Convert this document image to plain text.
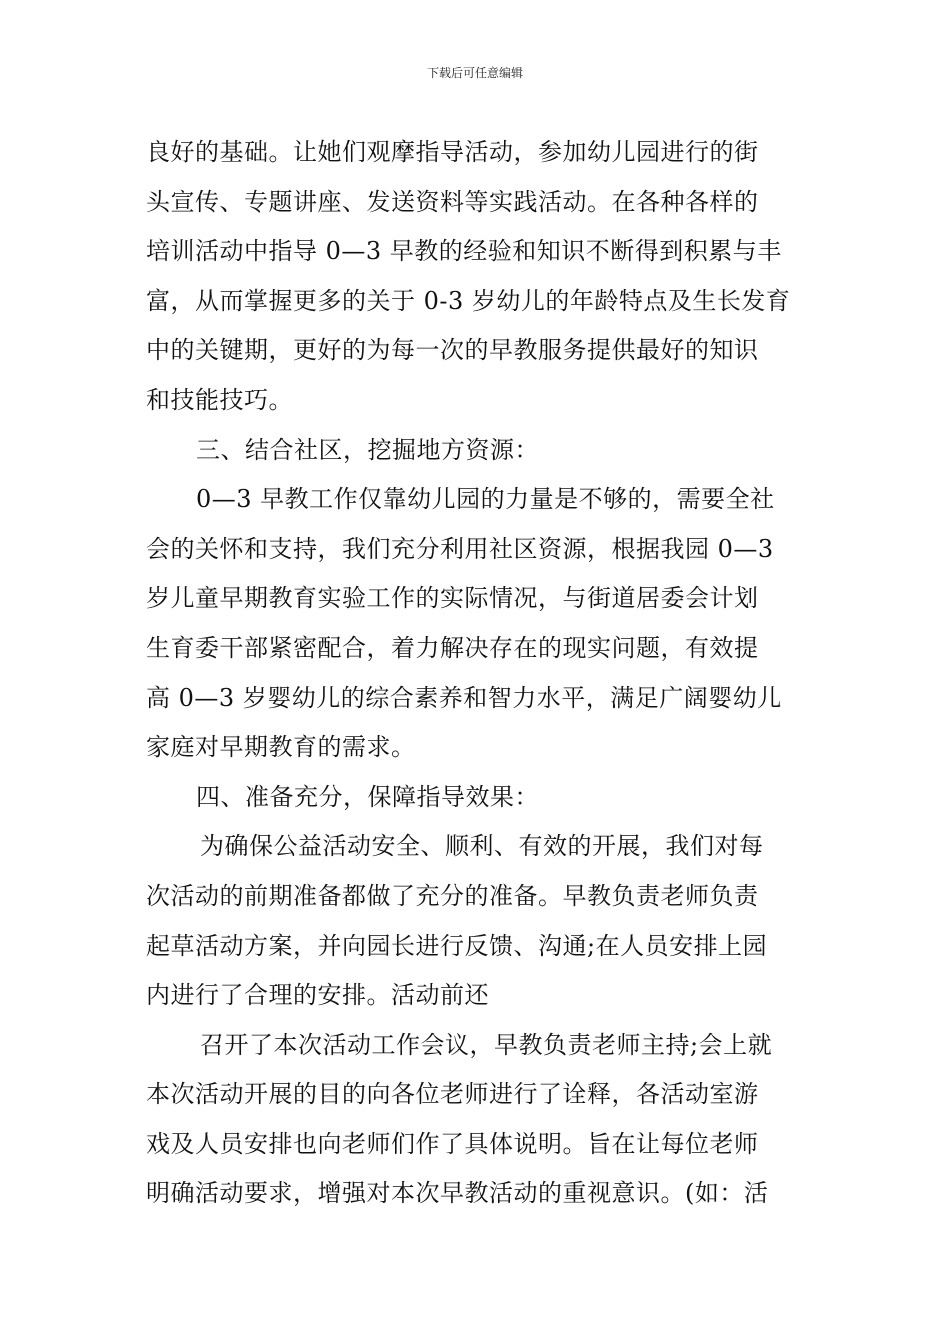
下载后可任意编辑
良好的基础。让她们观摩指导活动，参加幼儿园进行的街
头宣传、专题讲座、发送资料等实践活动。在各种各样的
培训活动中指导 0—3 早教的经验和知识不断得到积累与丰
富，从而掌握更多的关于 0-3 岁幼儿的年龄特点及生长发育
中的关键期，更好的为每一次的早教服务提供最好的知识
和技能技巧。
三、结合社区，挖掘地方资源：
0—3 早教工作仅靠幼儿园的力量是不够的，需要全社
会的关怀和支持，我们充分利用社区资源，根据我园 0—3
岁儿童早期教育实验工作的实际情况，与街道居委会计划
生育委干部紧密配合，着力解决存在的现实问题，有效提
高 0—3 岁婴幼儿的综合素养和智力水平，满足广阔婴幼儿
家庭对早期教育的需求。
四、准备充分，保障指导效果：
为确保公益活动安全、顺利、有效的开展，我们对每
次活动的前期准备都做了充分的准备。早教负责老师负责
起草活动方案，并向园长进行反馈、沟通;在人员安排上园
内进行了合理的安排。活动前还
召开了本次活动工作会议，早教负责老师主持;会上就
本次活动开展的目的向各位老师进行了诠释，各活动室游
戏及人员安排也向老师们作了具体说明。旨在让每位老师
明确活动要求，增强对本次早教活动的重视意识。(如：活
